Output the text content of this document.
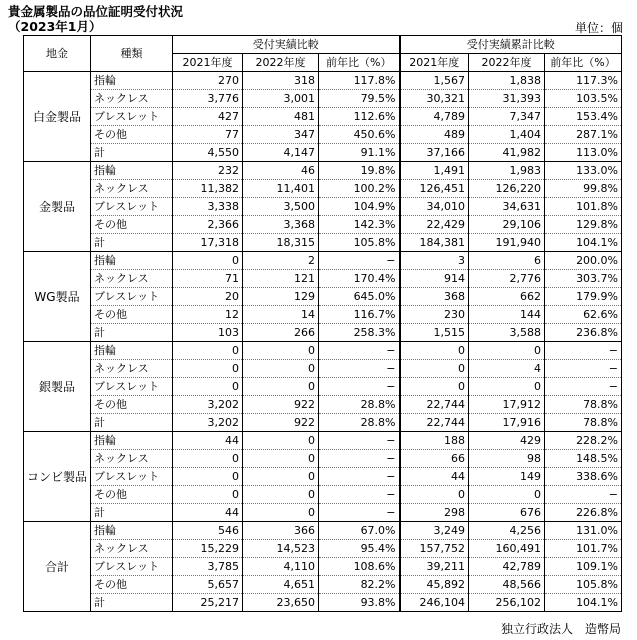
貴金属製品の品位証明受付状況
（2023年1月）	単位：個
地金	種類	受付実績比較			受付実績累計比較		
		2021年度	2022年度	前年比（%）	2021年度	2022年度	前年比（%）
白金製品	指輪	270	318	117.8%	1,567	1,838	117.3%
	ネックレス	3,776	3,001	79.5%	30,321	31,393	103.5%
	ブレスレット	427	481	112.6%	4,789	7,347	153.4%
	その他	77	347	450.6%	489	1,404	287.1%
	計	4,550	4,147	91.1%	37,166	41,982	113.0%
金製品	指輪	232	46	19.8%	1,491	1,983	133.0%
	ネックレス	11,382	11,401	100.2%	126,451	126,220	99.8%
	ブレスレット	3,338	3,500	104.9%	34,010	34,631	101.8%
	その他	2,366	3,368	142.3%	22,429	29,106	129.8%
	計	17,318	18,315	105.8%	184,381	191,940	104.1%
WG製品	指輪	0	2	−	3	6	200.0%
	ネックレス	71	121	170.4%	914	2,776	303.7%
	ブレスレット	20	129	645.0%	368	662	179.9%
	その他	12	14	116.7%	230	144	62.6%
	計	103	266	258.3%	1,515	3,588	236.8%
銀製品	指輪	0	0	−	0	0	−
	ネックレス	0	0	−	0	4	−
	ブレスレット	0	0	−	0	0	−
	その他	3,202	922	28.8%	22,744	17,912	78.8%
	計	3,202	922	28.8%	22,744	17,916	78.8%
コンビ製品	指輪	44	0	−	188	429	228.2%
	ネックレス	0	0	−	66	98	148.5%
	ブレスレット	0	0	−	44	149	338.6%
	その他	0	0	−	0	0	−
	計	44	0	−	298	676	226.8%
合計	指輪	546	366	67.0%	3,249	4,256	131.0%
	ネックレス	15,229	14,523	95.4%	157,752	160,491	101.7%
	ブレスレット	3,785	4,110	108.6%	39,211	42,789	109.1%
	その他	5,657	4,651	82.2%	45,892	48,566	105.8%
	計	25,217	23,650	93.8%	246,104	256,102	104.1%
独立行政法人　造幣局
